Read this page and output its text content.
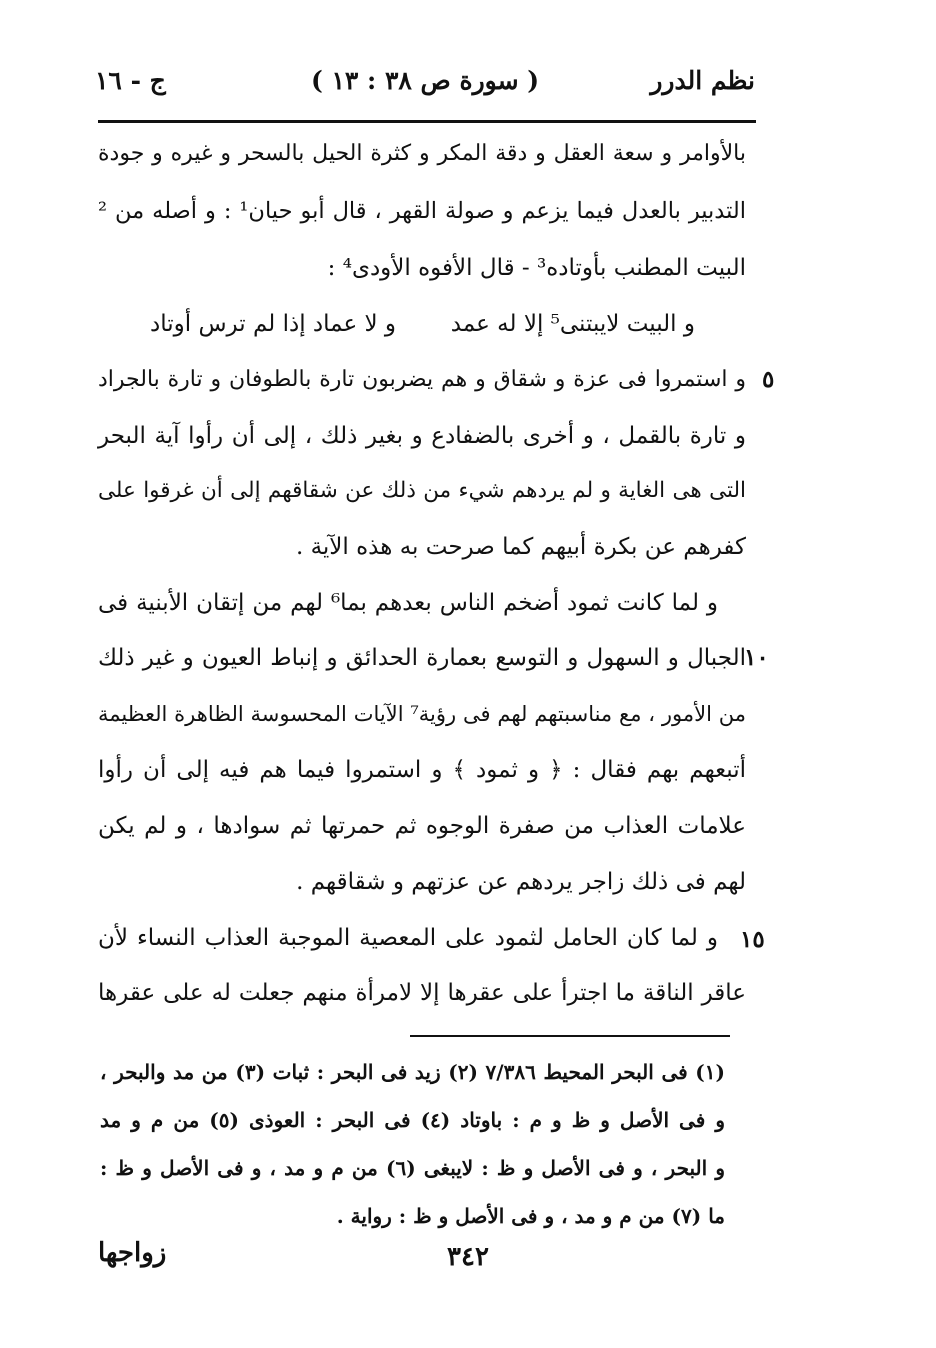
نظم الدرر
( سورة ص ٣٨ : ١٣ )
ج - ١٦
بالأوامر و سعة العقل و دقة المكر و كثرة الحيل بالسحر و غيره و جودة
التدبير بالعدل فيما يزعم و صولة القهر ، قال أبو حيان¹ : و أصله من ²
البيت المطنب بأوتاده³ - قال الأفوه الأودى⁴ :
و البيت لايبتنى⁵ إلا له عمد
و لا عماد إذا لم ترس أوتاد
و استمروا فى عزة و شقاق و هم يضربون تارة بالطوفان و تارة بالجراد ٥
و تارة بالقمل ، و أخرى بالضفادع و بغير ذلك ، إلى أن رأوا آية البحر
التى هى الغاية و لم يردهم شيء من ذلك عن شقاقهم إلى أن غرقوا على
كفرهم عن بكرة أبيهم كما صرحت به هذه الآية .
و لما كانت ثمود أضخم الناس بعدهم بما⁶ لهم من إتقان الأبنية فى
الجبال و السهول و التوسع بعمارة الحدائق و إنباط العيون و غير ذلك
١٠
من الأمور ، مع مناسبتهم لهم فى رؤية⁷ الآيات المحسوسة الظاهرة العظيمة
أتبعهم بهم فقال : ﴿ و ثمود ﴾ و استمروا فيما هم فيه إلى أن رأوا
علامات العذاب من صفرة الوجوه ثم حمرتها ثم سوادها ، و لم يكن
لهم فى ذلك زاجر يردهم عن عزتهم و شقاقهم .
و لما كان الحامل لثمود على المعصية الموجبة العذاب النساء لأن ١٥
عاقر الناقة ما اجترأ على عقرها إلا لامرأة منهم جعلت له على عقرها
(١) فى البحر المحيط ٧/٣٨٦ (٢) زيد فى البحر : ثبات (٣) من مد والبحر ،
و فى الأصل و ظ و م : باوتاد (٤) فى البحر : العوذى (٥) من م و مد
و البحر ، و فى الأصل و ظ : لايبغى (٦) من م و مد ، و فى الأصل و ظ :
ما (٧) من م و مد ، و فى الأصل و ظ : رواية .
٣٤٢
زواجها
